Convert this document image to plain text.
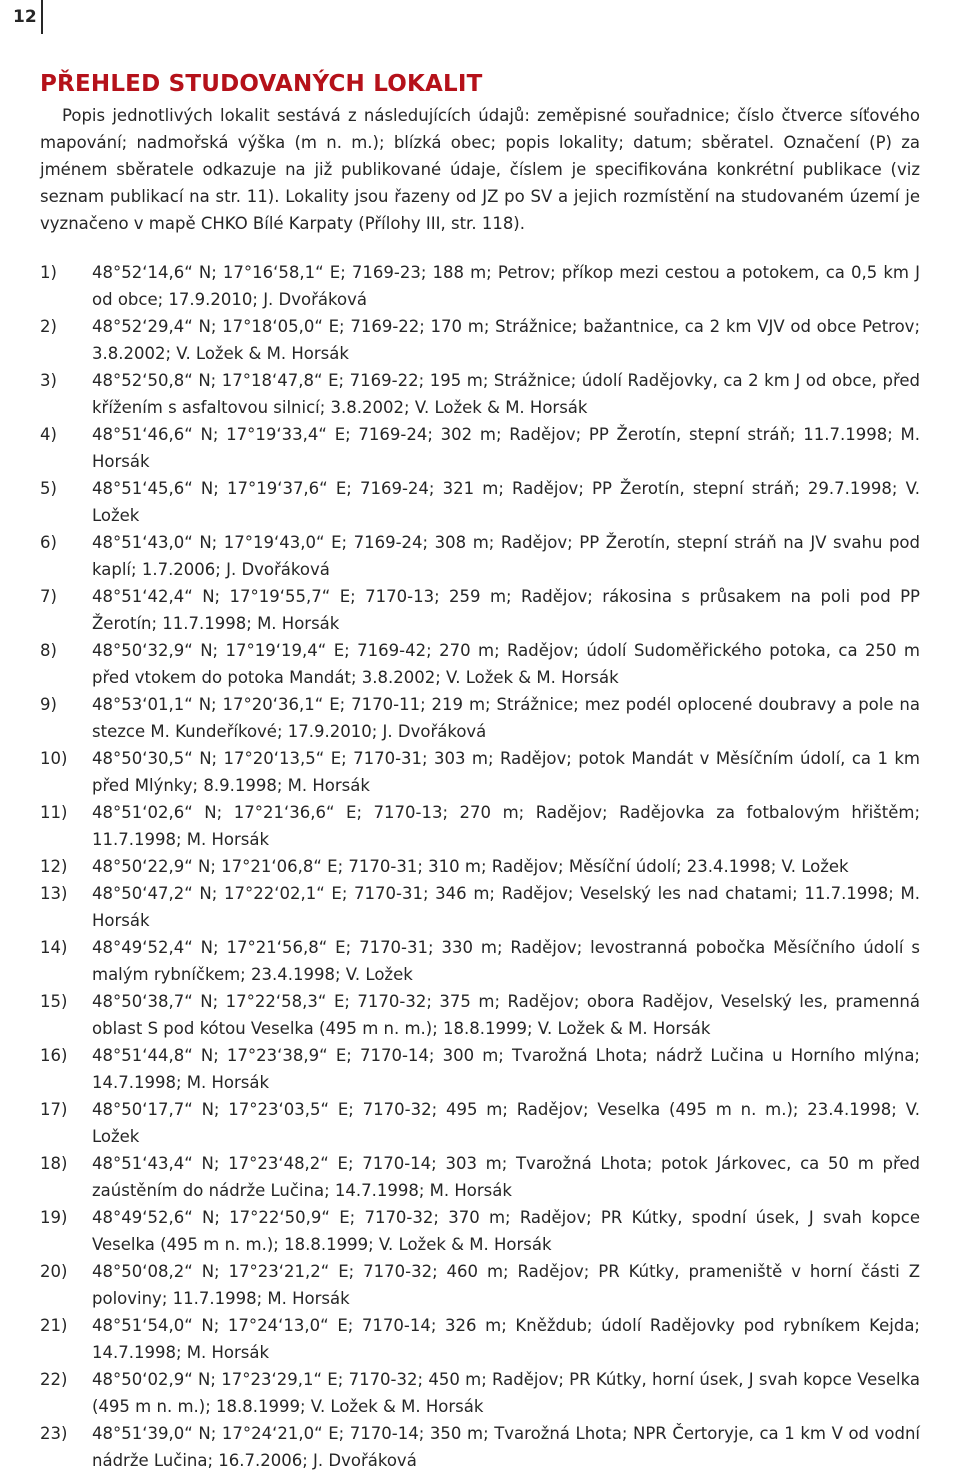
12
PŘEHLED STUDOVANÝCH LOKALIT

Popis jednotlivých lokalit sestává z následujících údajů: zeměpisné souřadnice; číslo čtverce síťového mapování; nadmořská výška (m n. m.); blízká obec; popis lokality; datum; sběratel. Označení (P) za jménem sběratele odkazuje na již publikované údaje, číslem je specifikována konkrétní publikace (viz seznam publikací na str. 11). Lokality jsou řazeny od JZ po SV a jejich rozmístění na studovaném území je vyznačeno v mapě CHKO Bílé Karpaty (Přílohy III, str. 118).

1) 48°52‘14,6“ N; 17°16‘58,1“ E; 7169-23; 188 m; Petrov; příkop mezi cestou a potokem, ca 0,5 km J od obce; 17.9.2010; J. Dvořáková
2) 48°52‘29,4“ N; 17°18‘05,0“ E; 7169-22; 170 m; Strážnice; bažantnice, ca 2 km VJV od obce Petrov; 3.8.2002; V. Ložek & M. Horsák
3) 48°52‘50,8“ N; 17°18‘47,8“ E; 7169-22; 195 m; Strážnice; údolí Radějovky, ca 2 km J od obce, před křížením s asfaltovou silnicí; 3.8.2002; V. Ložek & M. Horsák
4) 48°51‘46,6“ N; 17°19‘33,4“ E; 7169-24; 302 m; Radějov; PP Žerotín, stepní stráň; 11.7.1998; M. Horsák
5) 48°51‘45,6“ N; 17°19‘37,6“ E; 7169-24; 321 m; Radějov; PP Žerotín, stepní stráň; 29.7.1998; V. Ložek
6) 48°51‘43,0“ N; 17°19‘43,0“ E; 7169-24; 308 m; Radějov; PP Žerotín, stepní stráň na JV svahu pod kaplí; 1.7.2006; J. Dvořáková
7) 48°51‘42,4“ N; 17°19‘55,7“ E; 7170-13; 259 m; Radějov; rákosina s průsakem na poli pod PP Žerotín; 11.7.1998; M. Horsák
8) 48°50‘32,9“ N; 17°19‘19,4“ E; 7169-42; 270 m; Radějov; údolí Sudoměřického potoka, ca 250 m před vtokem do potoka Mandát; 3.8.2002; V. Ložek & M. Horsák
9) 48°53‘01,1“ N; 17°20‘36,1“ E; 7170-11; 219 m; Strážnice; mez podél oplocené doubravy a pole na stezce M. Kundeříkové; 17.9.2010; J. Dvořáková
10) 48°50‘30,5“ N; 17°20‘13,5“ E; 7170-31; 303 m; Radějov; potok Mandát v Měsíčním údolí, ca 1 km před Mlýnky; 8.9.1998; M. Horsák
11) 48°51‘02,6“ N; 17°21‘36,6“ E; 7170-13; 270 m; Radějov; Radějovka za fotbalovým hřištěm; 11.7.1998; M. Horsák
12) 48°50‘22,9“ N; 17°21‘06,8“ E; 7170-31; 310 m; Radějov; Měsíční údolí; 23.4.1998; V. Ložek
13) 48°50‘47,2“ N; 17°22‘02,1“ E; 7170-31; 346 m; Radějov; Veselský les nad chatami; 11.7.1998; M. Horsák
14) 48°49‘52,4“ N; 17°21‘56,8“ E; 7170-31; 330 m; Radějov; levostranná pobočka Měsíčního údolí s malým rybníčkem; 23.4.1998; V. Ložek
15) 48°50‘38,7“ N; 17°22‘58,3“ E; 7170-32; 375 m; Radějov; obora Radějov, Veselský les, pramenná oblast S pod kótou Veselka (495 m n. m.); 18.8.1999; V. Ložek & M. Horsák
16) 48°51‘44,8“ N; 17°23‘38,9“ E; 7170-14; 300 m; Tvarožná Lhota; nádrž Lučina u Horního mlýna; 14.7.1998; M. Horsák
17) 48°50‘17,7“ N; 17°23‘03,5“ E; 7170-32; 495 m; Radějov; Veselka (495 m n. m.); 23.4.1998; V. Ložek
18) 48°51‘43,4“ N; 17°23‘48,2“ E; 7170-14; 303 m; Tvarožná Lhota; potok Járkovec, ca 50 m před zaústěním do nádrže Lučina; 14.7.1998; M. Horsák
19) 48°49‘52,6“ N; 17°22‘50,9“ E; 7170-32; 370 m; Radějov; PR Kútky, spodní úsek, J svah kopce Veselka (495 m n. m.); 18.8.1999; V. Ložek & M. Horsák
20) 48°50‘08,2“ N; 17°23‘21,2“ E; 7170-32; 460 m; Radějov; PR Kútky, prameniště v horní části Z poloviny; 11.7.1998; M. Horsák
21) 48°51‘54,0“ N; 17°24‘13,0“ E; 7170-14; 326 m; Kněždub; údolí Radějovky pod rybníkem Kejda; 14.7.1998; M. Horsák
22) 48°50‘02,9“ N; 17°23‘29,1“ E; 7170-32; 450 m; Radějov; PR Kútky, horní úsek, J svah kopce Veselka (495 m n. m.); 18.8.1999; V. Ložek & M. Horsák
23) 48°51‘39,0“ N; 17°24‘21,0“ E; 7170-14; 350 m; Tvarožná Lhota; NPR Čertoryje, ca 1 km V od vodní nádrže Lučina; 16.7.2006; J. Dvořáková
